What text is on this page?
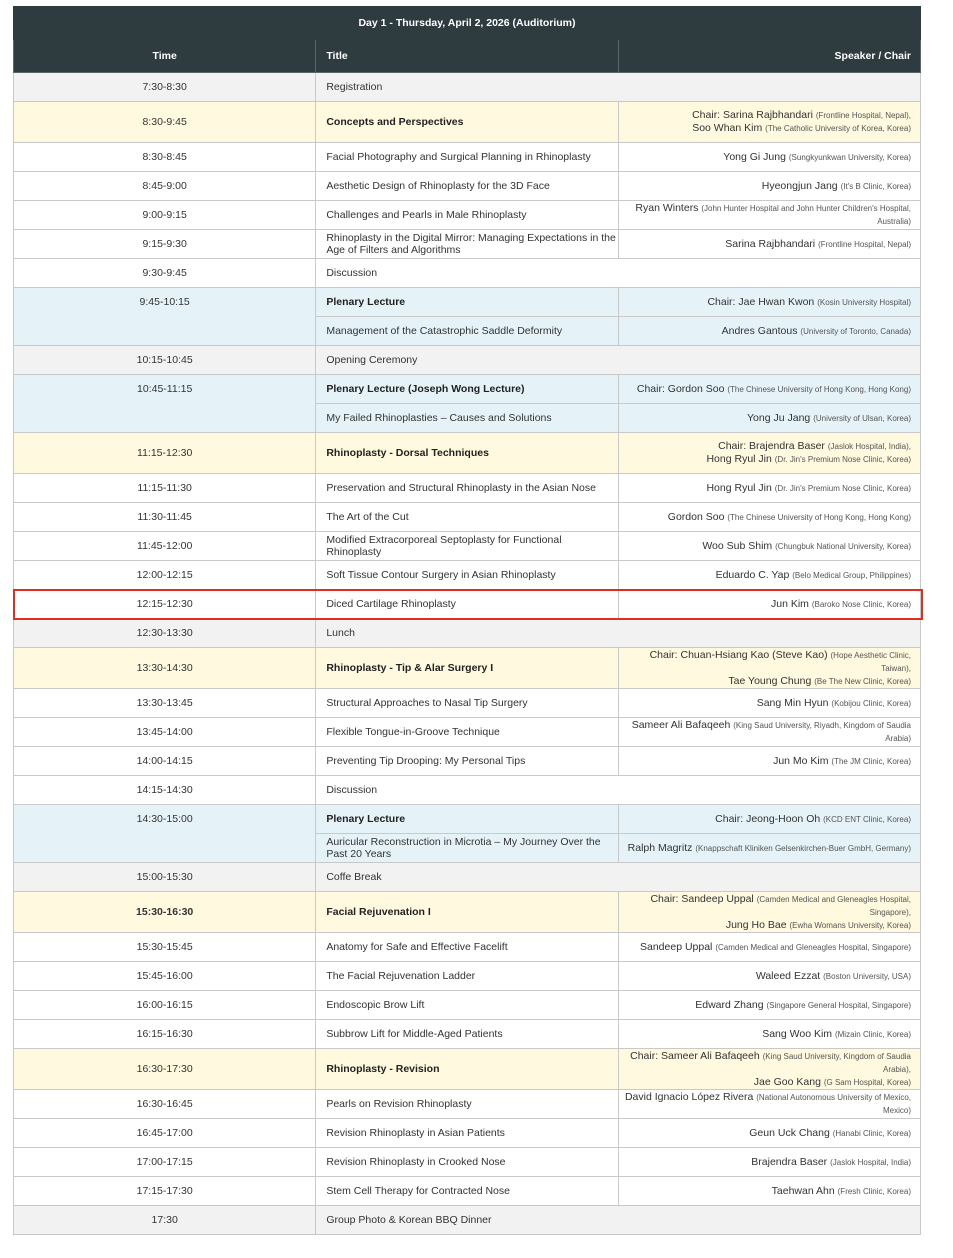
Day 1 - Thursday, April 2, 2026 (Auditorium)		
Time	Title	Speaker / Chair
7:30-8:30	Registration	
8:30-9:45	Concepts and Perspectives	Chair: Sarina Rajbhandari (Frontline Hospital, Nepal),
Soo Whan Kim (The Catholic University of Korea, Korea)
8:30-8:45	Facial Photography and Surgical Planning in Rhinoplasty	Yong Gi Jung (Sungkyunkwan University, Korea)
8:45-9:00	Aesthetic Design of Rhinoplasty for the 3D Face	Hyeongjun Jang (It's B Clinic, Korea)
9:00-9:15	Challenges and Pearls in Male Rhinoplasty	Ryan Winters (John Hunter Hospital and John Hunter Children's Hospital, Australia)
9:15-9:30	Rhinoplasty in the Digital Mirror: Managing Expectations in the Age of Filters and Algorithms	Sarina Rajbhandari (Frontline Hospital, Nepal)
9:30-9:45	Discussion	
9:45-10:15	Plenary Lecture	Chair: Jae Hwan Kwon (Kosin University Hospital)
	Management of the Catastrophic Saddle Deformity	Andres Gantous (University of Toronto, Canada)
10:15-10:45	Opening Ceremony	
10:45-11:15	Plenary Lecture (Joseph Wong Lecture)	Chair: Gordon Soo (The Chinese University of Hong Kong, Hong Kong)
	My Failed Rhinoplasties – Causes and Solutions	Yong Ju Jang (University of Ulsan, Korea)
11:15-12:30	Rhinoplasty - Dorsal Techniques	Chair: Brajendra Baser (Jaslok Hospital, India),
Hong Ryul Jin (Dr. Jin's Premium Nose Clinic, Korea)
11:15-11:30	Preservation and Structural Rhinoplasty in the Asian Nose	Hong Ryul Jin (Dr. Jin's Premium Nose Clinic, Korea)
11:30-11:45	The Art of the Cut	Gordon Soo (The Chinese University of Hong Kong, Hong Kong)
11:45-12:00	Modified Extracorporeal Septoplasty for Functional Rhinoplasty	Woo Sub Shim (Chungbuk National University, Korea)
12:00-12:15	Soft Tissue Contour Surgery in Asian Rhinoplasty	Eduardo C. Yap (Belo Medical Group, Philippines)
12:15-12:30	Diced Cartilage Rhinoplasty	Jun Kim (Baroko Nose Clinic, Korea)
12:30-13:30	Lunch	
13:30-14:30	Rhinoplasty - Tip & Alar Surgery I	Chair: Chuan-Hsiang Kao (Steve Kao) (Hope Aesthetic Clinic, Taiwan),
Tae Young Chung (Be The New Clinic, Korea)
13:30-13:45	Structural Approaches to Nasal Tip Surgery	Sang Min Hyun (Kobijou Clinic, Korea)
13:45-14:00	Flexible Tongue-in-Groove Technique	Sameer Ali Bafaqeeh (King Saud University, Riyadh, Kingdom of Saudia Arabia)
14:00-14:15	Preventing Tip Drooping: My Personal Tips	Jun Mo Kim (The JM Clinic, Korea)
14:15-14:30	Discussion	
14:30-15:00	Plenary Lecture	Chair: Jeong-Hoon Oh (KCD ENT Clinic, Korea)
	Auricular Reconstruction in Microtia – My Journey Over the Past 20 Years	Ralph Magritz (Knappschaft Kliniken Gelsenkirchen-Buer GmbH, Germany)
15:00-15:30	Coffe Break	
15:30-16:30	Facial Rejuvenation I	Chair: Sandeep Uppal (Camden Medical and Gleneagles Hospital, Singapore),
Jung Ho Bae (Ewha Womans University, Korea)
15:30-15:45	Anatomy for Safe and Effective Facelift	Sandeep Uppal (Camden Medical and Gleneagles Hospital, Singapore)
15:45-16:00	The Facial Rejuvenation Ladder	Waleed Ezzat (Boston University, USA)
16:00-16:15	Endoscopic Brow Lift	Edward Zhang (Singapore General Hospital, Singapore)
16:15-16:30	Subbrow Lift for Middle-Aged Patients	Sang Woo Kim (Mizain Clinic, Korea)
16:30-17:30	Rhinoplasty - Revision	Chair: Sameer Ali Bafaqeeh (King Saud University, Kingdom of Saudia Arabia),
Jae Goo Kang (G Sam Hospital, Korea)
16:30-16:45	Pearls on Revision Rhinoplasty	David Ignacio López Rivera (National Autonomous University of Mexico, Mexico)
16:45-17:00	Revision Rhinoplasty in Asian Patients	Geun Uck Chang (Hanabi Clinic, Korea)
17:00-17:15	Revision Rhinoplasty in Crooked Nose	Brajendra Baser (Jaslok Hospital, India)
17:15-17:30	Stem Cell Therapy for Contracted Nose	Taehwan Ahn (Fresh Clinic, Korea)
17:30	Group Photo & Korean BBQ Dinner	
